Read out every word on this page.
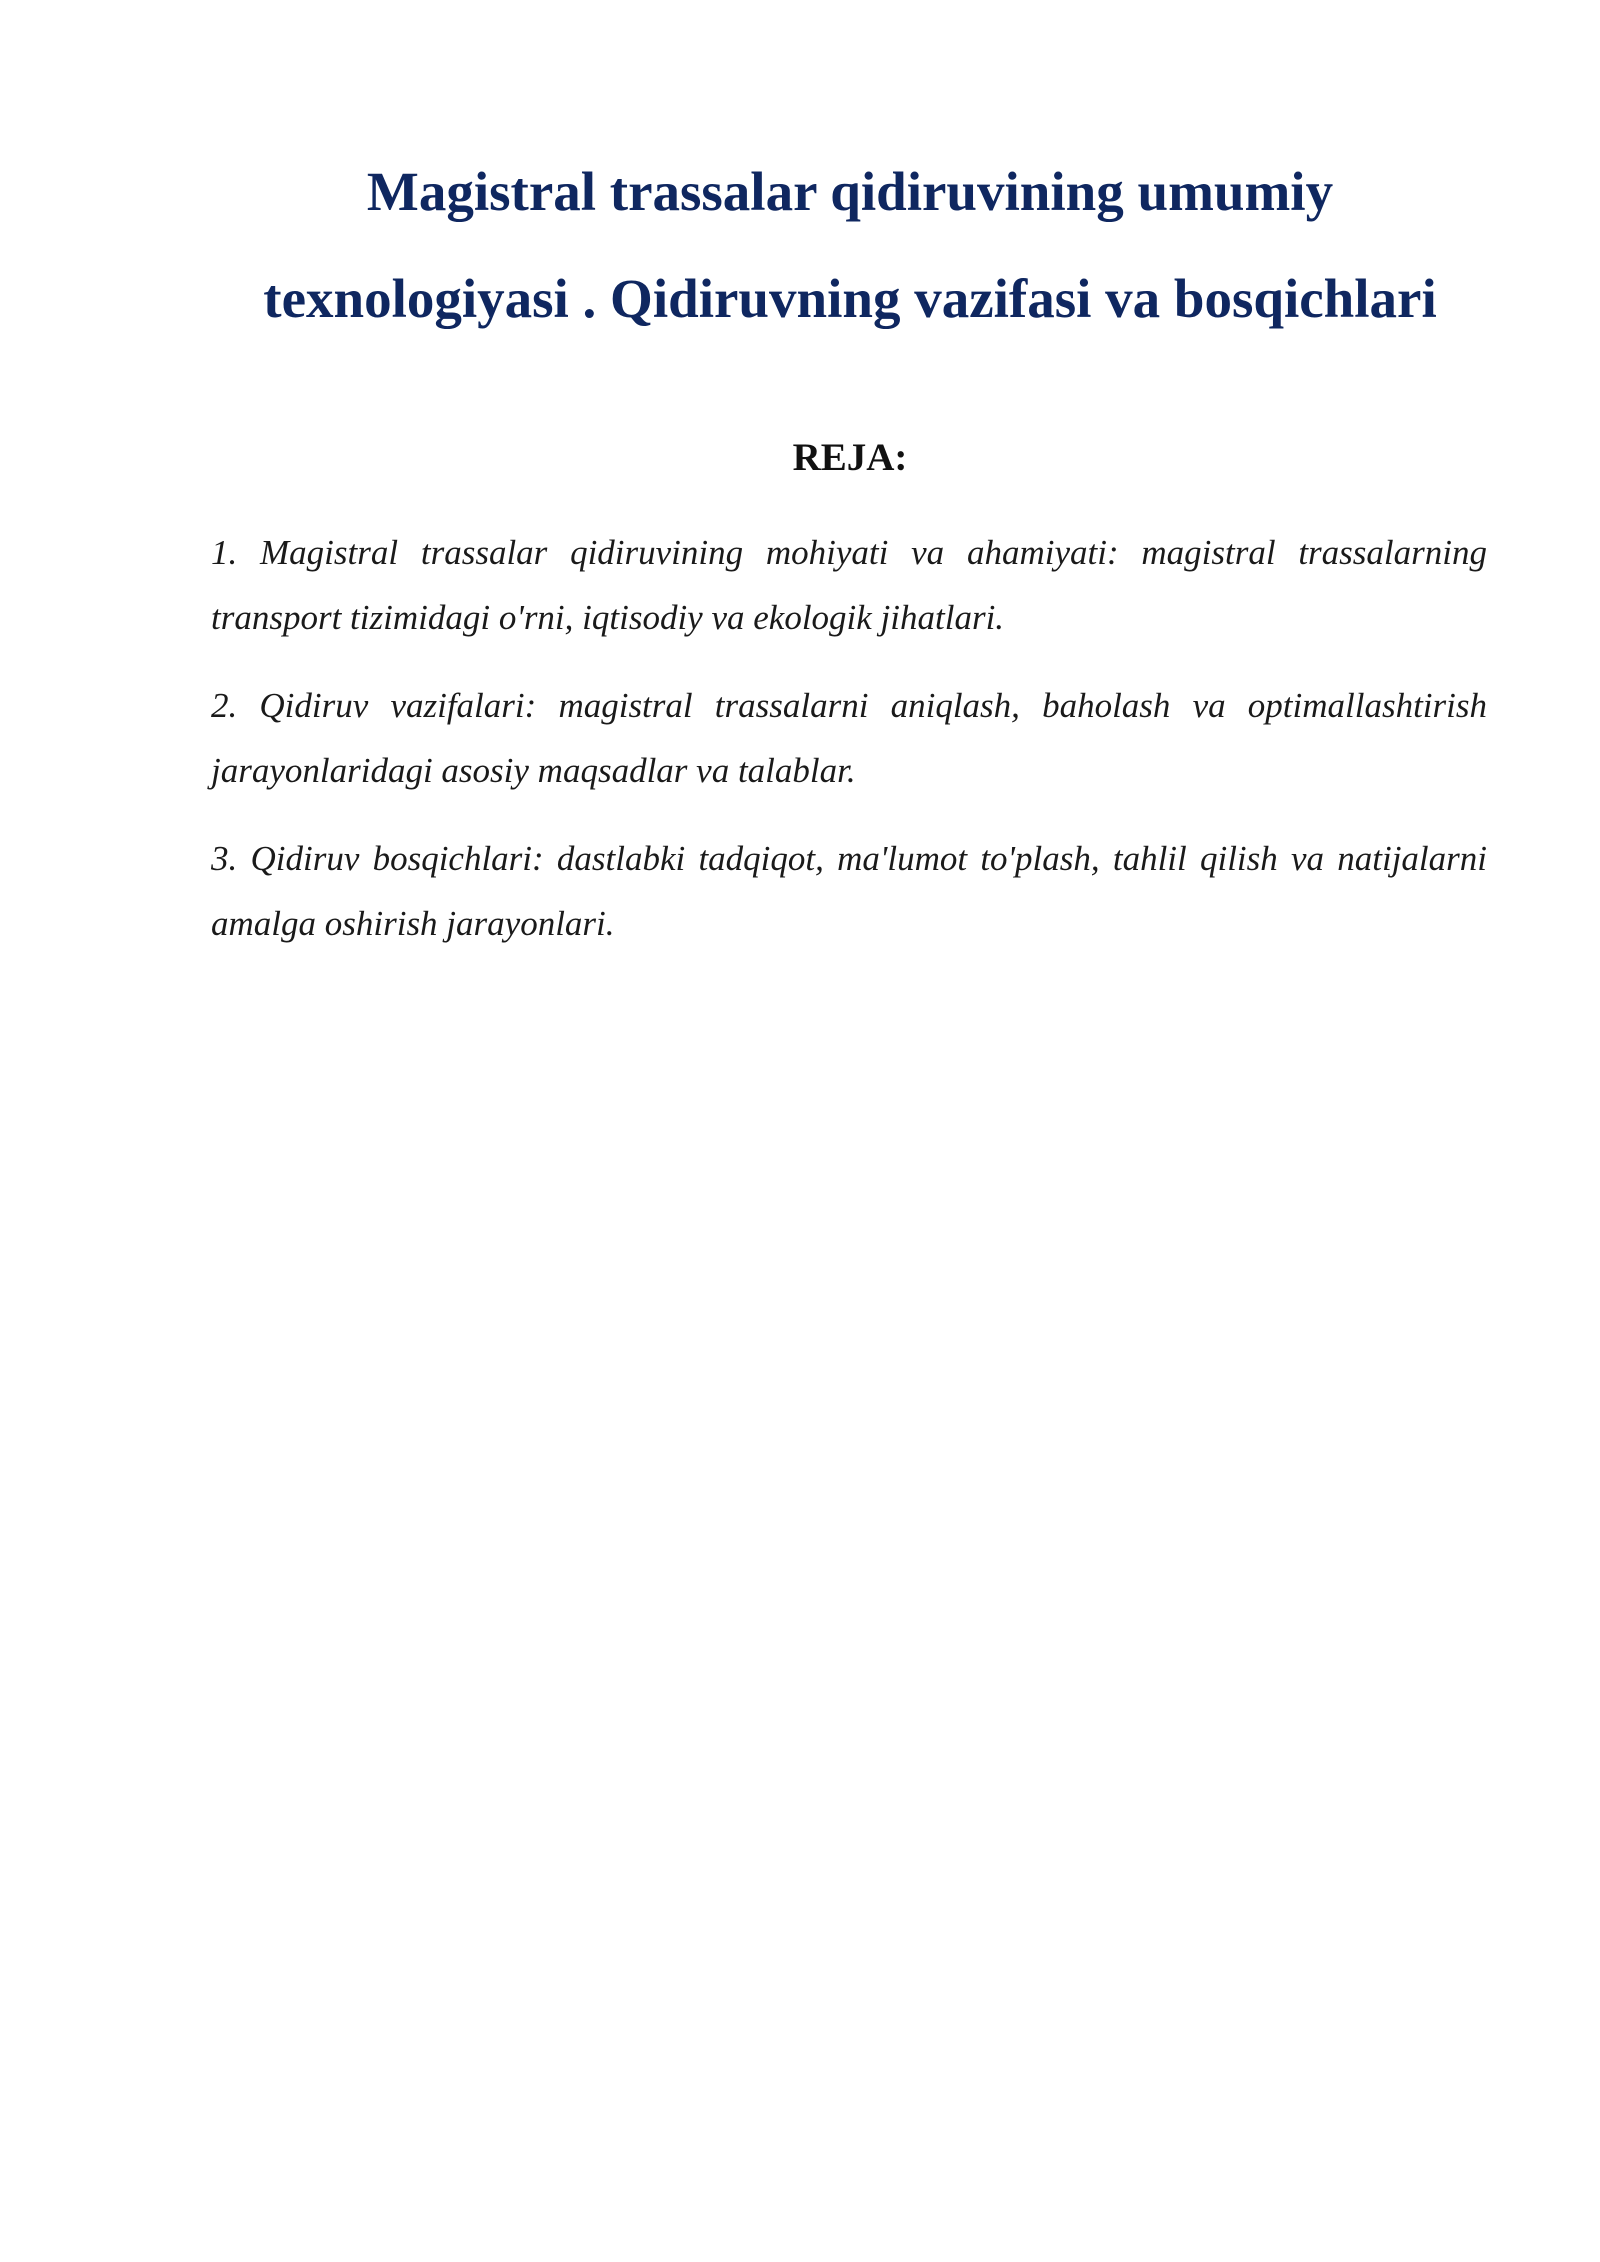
Magistral trassalar qidiruvining umumiy
texnologiyasi . Qidiruvning vazifasi va bosqichlari
REJA:
1. Magistral trassalar qidiruvining mohiyati va ahamiyati: magistral trassalarning transport tizimidagi o'rni, iqtisodiy va ekologik jihatlari.
2. Qidiruv vazifalari: magistral trassalarni aniqlash, baholash va optimallashtirish jarayonlaridagi asosiy maqsadlar va talablar.
3. Qidiruv bosqichlari: dastlabki tadqiqot, ma'lumot to'plash, tahlil qilish va natijalarni amalga oshirish jarayonlari.
